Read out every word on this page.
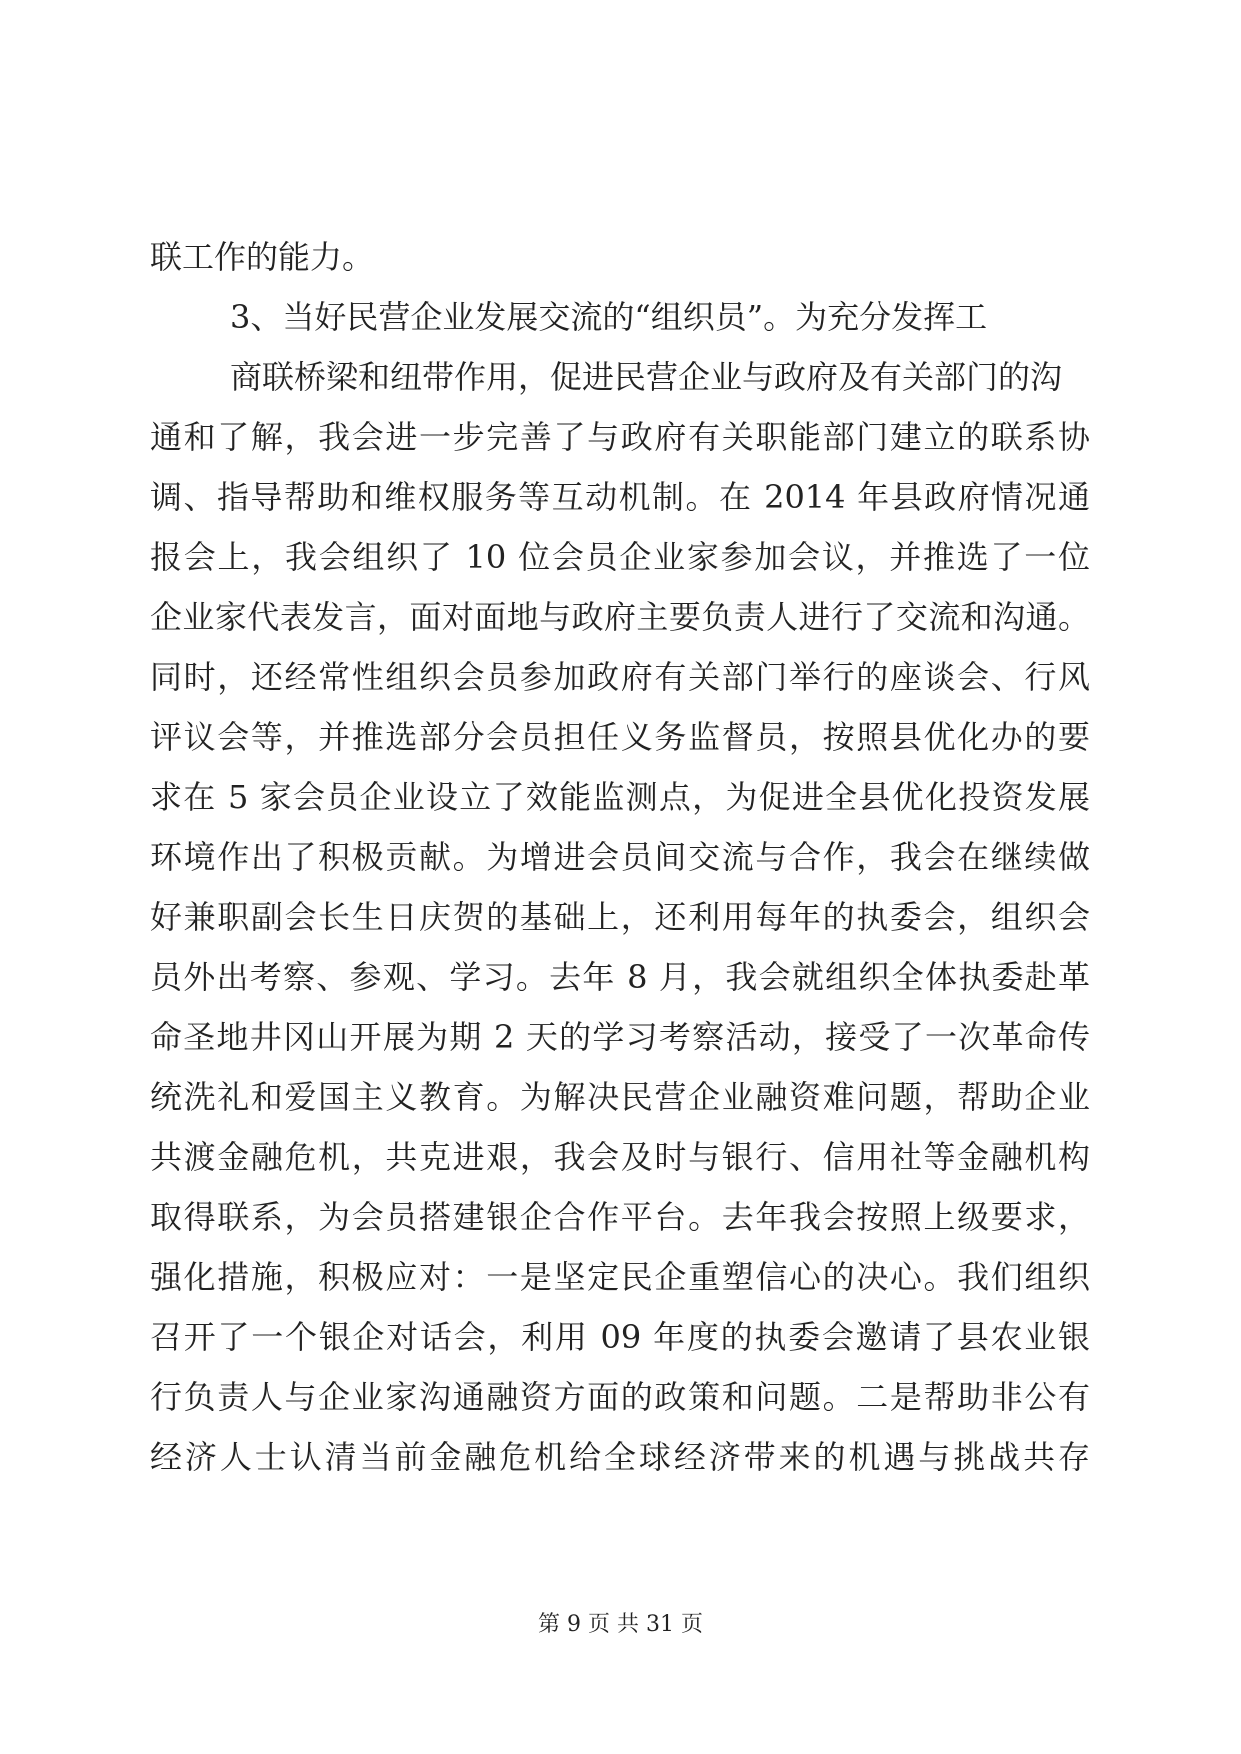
联工作的能力。
3、当好民营企业发展交流的“组织员”。为充分发挥工
商联桥梁和纽带作用，促进民营企业与政府及有关部门的沟
通和了解，我会进一步完善了与政府有关职能部门建立的联系协
调、指导帮助和维权服务等互动机制。在 2014 年县政府情况通
报会上，我会组织了 10 位会员企业家参加会议，并推选了一位
企业家代表发言，面对面地与政府主要负责人进行了交流和沟通。
同时，还经常性组织会员参加政府有关部门举行的座谈会、行风
评议会等，并推选部分会员担任义务监督员，按照县优化办的要
求在 5 家会员企业设立了效能监测点，为促进全县优化投资发展
环境作出了积极贡献。为增进会员间交流与合作，我会在继续做
好兼职副会长生日庆贺的基础上，还利用每年的执委会，组织会
员外出考察、参观、学习。去年 8 月，我会就组织全体执委赴革
命圣地井冈山开展为期 2 天的学习考察活动，接受了一次革命传
统洗礼和爱国主义教育。为解决民营企业融资难问题，帮助企业
共渡金融危机，共克进艰，我会及时与银行、信用社等金融机构
取得联系，为会员搭建银企合作平台。去年我会按照上级要求，
强化措施，积极应对：一是坚定民企重塑信心的决心。我们组织
召开了一个银企对话会，利用 09 年度的执委会邀请了县农业银
行负责人与企业家沟通融资方面的政策和问题。二是帮助非公有
经济人士认清当前金融危机给全球经济带来的机遇与挑战共存
第 9 页 共 31 页
